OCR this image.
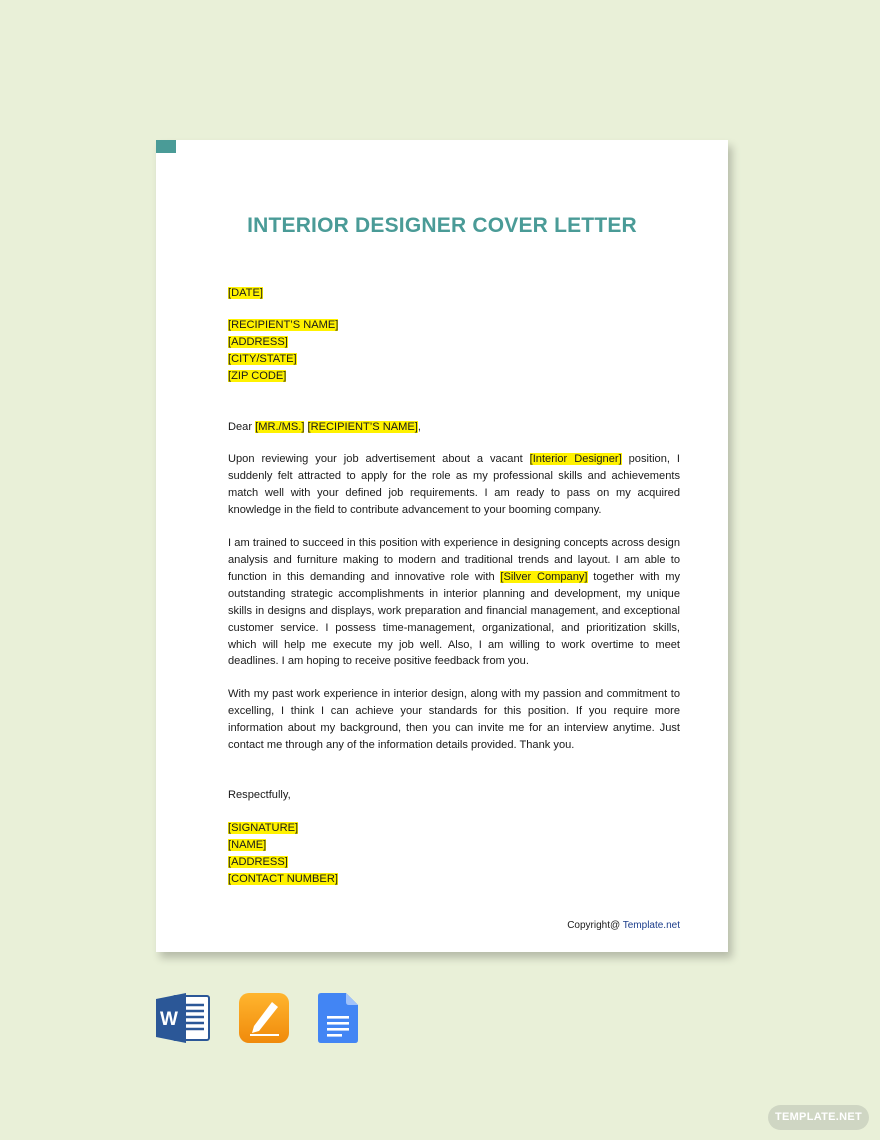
INTERIOR DESIGNER COVER LETTER
[DATE]
[RECIPIENT’S NAME]
[ADDRESS]
[CITY/STATE]
[ZIP CODE]
Dear [MR./MS.] [RECIPIENT’S NAME],

Upon reviewing your job advertisement about a vacant [Interior Designer] position, I suddenly felt attracted to apply for the role as my professional skills and achievements match well with your defined job requirements. I am ready to pass on my acquired knowledge in the field to contribute advancement to your booming company.

I am trained to succeed in this position with experience in designing concepts across design analysis and furniture making to modern and traditional trends and layout. I am able to function in this demanding and innovative role with [Silver Company] together with my outstanding strategic accomplishments in interior planning and development, my unique skills in designs and displays, work preparation and financial management, and exceptional customer service. I possess time-management, organizational, and prioritization skills, which will help me execute my job well. Also, I am willing to work overtime to meet deadlines. I am hoping to receive positive feedback from you.

With my past work experience in interior design, along with my passion and commitment to excelling, I think I can achieve your standards for this position. If you require more information about my background, then you can invite me for an interview anytime. Just contact me through any of the information details provided. Thank you.

Respectfully,
[SIGNATURE]
[NAME]
[ADDRESS]
[CONTACT NUMBER]
Copyright@ Template.net
W
TEMPLATE.NET
